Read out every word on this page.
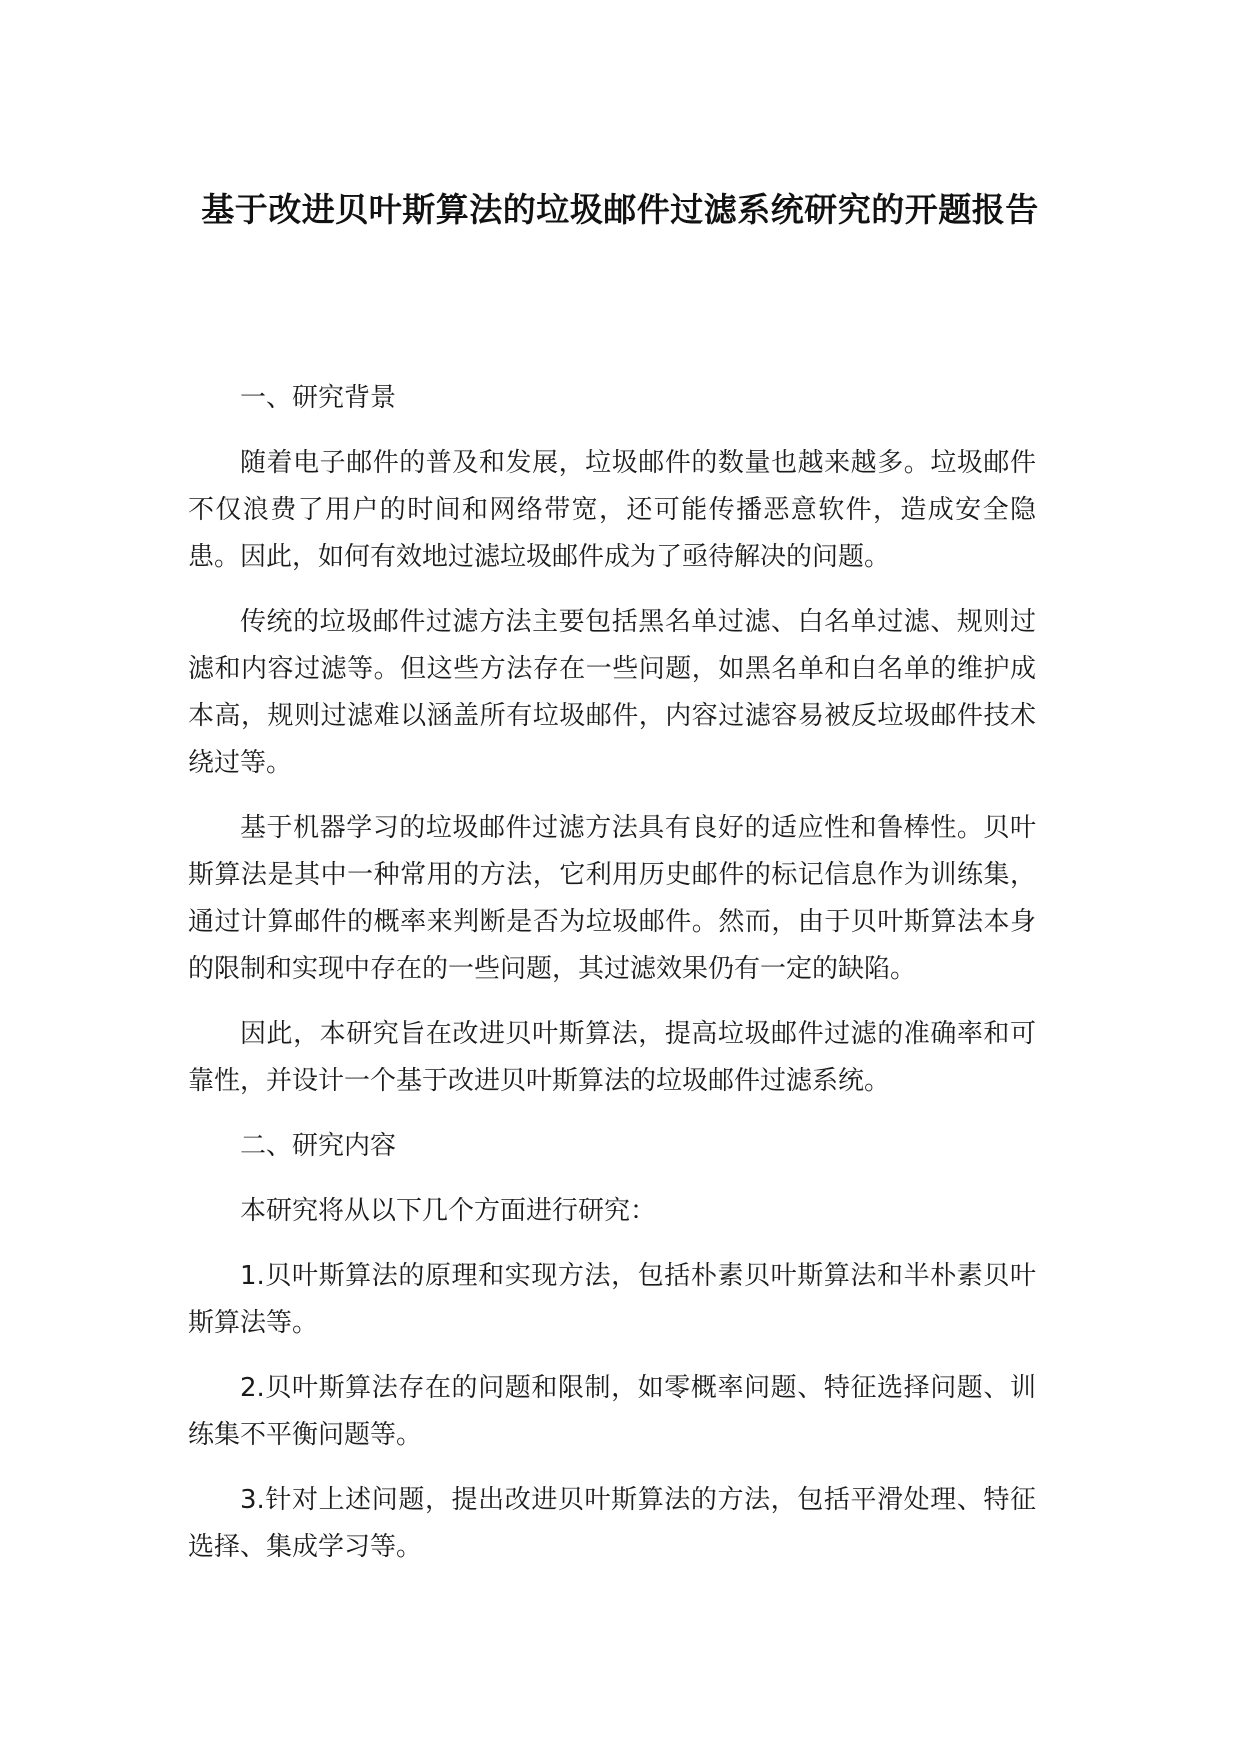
基于改进贝叶斯算法的垃圾邮件过滤系统研究的开题报告

一、研究背景

随着电子邮件的普及和发展，垃圾邮件的数量也越来越多。垃圾邮件不仅浪费了用户的时间和网络带宽，还可能传播恶意软件，造成安全隐患。因此，如何有效地过滤垃圾邮件成为了亟待解决的问题。

传统的垃圾邮件过滤方法主要包括黑名单过滤、白名单过滤、规则过滤和内容过滤等。但这些方法存在一些问题，如黑名单和白名单的维护成本高，规则过滤难以涵盖所有垃圾邮件，内容过滤容易被反垃圾邮件技术绕过等。

基于机器学习的垃圾邮件过滤方法具有良好的适应性和鲁棒性。贝叶斯算法是其中一种常用的方法，它利用历史邮件的标记信息作为训练集，通过计算邮件的概率来判断是否为垃圾邮件。然而，由于贝叶斯算法本身的限制和实现中存在的一些问题，其过滤效果仍有一定的缺陷。

因此，本研究旨在改进贝叶斯算法，提高垃圾邮件过滤的准确率和可靠性，并设计一个基于改进贝叶斯算法的垃圾邮件过滤系统。

二、研究内容

本研究将从以下几个方面进行研究：

1.贝叶斯算法的原理和实现方法，包括朴素贝叶斯算法和半朴素贝叶斯算法等。

2.贝叶斯算法存在的问题和限制，如零概率问题、特征选择问题、训练集不平衡问题等。

3.针对上述问题，提出改进贝叶斯算法的方法，包括平滑处理、特征选择、集成学习等。
